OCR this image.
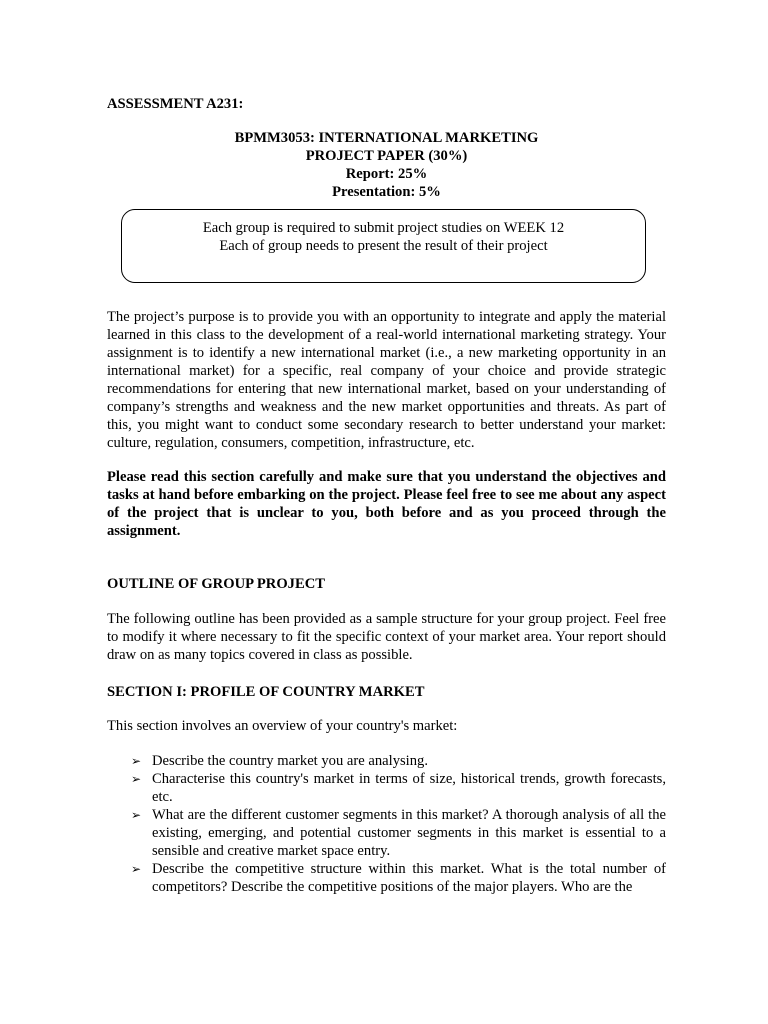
ASSESSMENT A231:

BPMM3053: INTERNATIONAL MARKETING
PROJECT PAPER (30%)
Report: 25%
Presentation: 5%
Each group is required to submit project studies on WEEK 12
Each of group needs to present the result of their project

The project’s purpose is to provide you with an opportunity to integrate and apply the material learned in this class to the development of a real-world international marketing strategy. Your assignment is to identify a new international market (i.e., a new marketing opportunity in an international market) for a specific, real company of your choice and provide strategic recommendations for entering that new international market, based on your understanding of company’s strengths and weakness and the new market opportunities and threats. As part of this, you might want to conduct some secondary research to better understand your market: culture, regulation, consumers, competition, infrastructure, etc.

Please read this section carefully and make sure that you understand the objectives and tasks at hand before embarking on the project. Please feel free to see me about any aspect of the project that is unclear to you, both before and as you proceed through the assignment.

OUTLINE OF GROUP PROJECT

The following outline has been provided as a sample structure for your group project. Feel free to modify it where necessary to fit the specific context of your market area. Your report should draw on as many topics covered in class as possible.

SECTION I: PROFILE OF COUNTRY MARKET

This section involves an overview of your country's market:

➢ Describe the country market you are analysing.
➢ Characterise this country's market in terms of size, historical trends, growth forecasts, etc.
➢ What are the different customer segments in this market? A thorough analysis of all the existing, emerging, and potential customer segments in this market is essential to a sensible and creative market space entry.
➢ Describe the competitive structure within this market. What is the total number of competitors? Describe the competitive positions of the major players. Who are the
